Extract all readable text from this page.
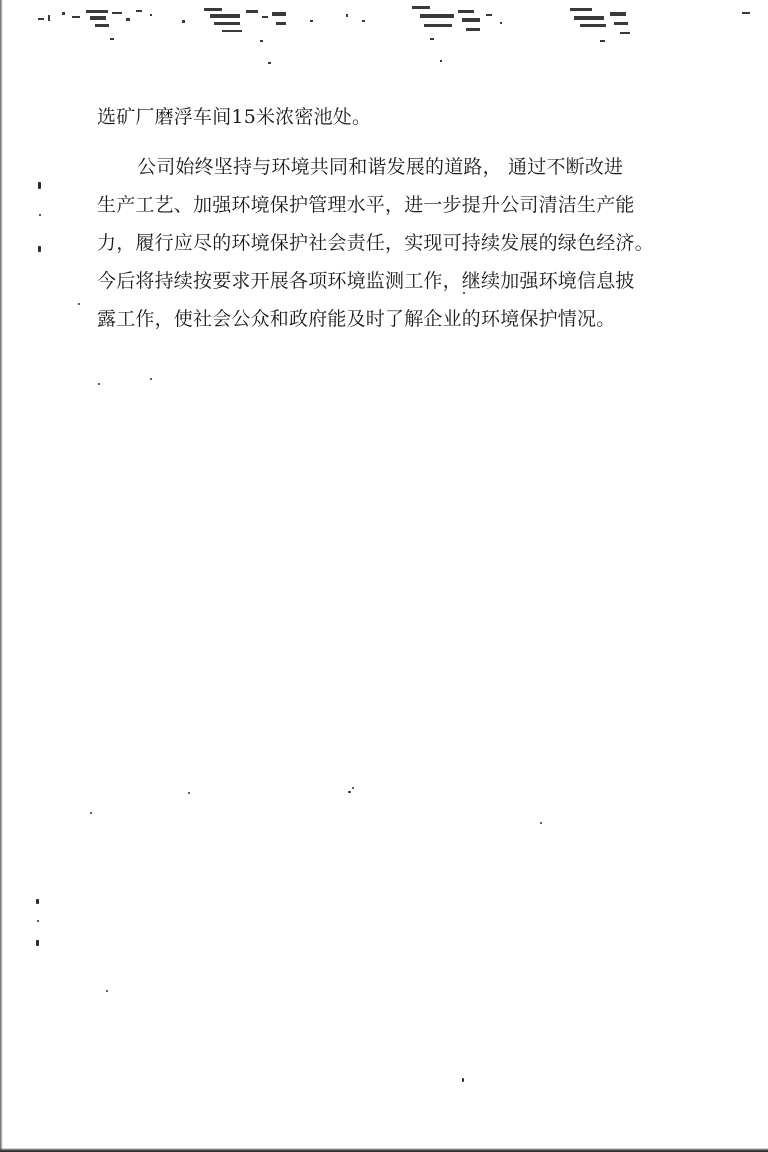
选矿厂磨浮车间15米浓密池处。
公司始终坚持与环境共同和谐发展的道路， 通过不断改进
生产工艺、加强环境保护管理水平，进一步提升公司清洁生产能
力，履行应尽的环境保护社会责任，实现可持续发展的绿色经济。
今后将持续按要求开展各项环境监测工作，继续加强环境信息披
露工作，使社会公众和政府能及时了解企业的环境保护情况。
